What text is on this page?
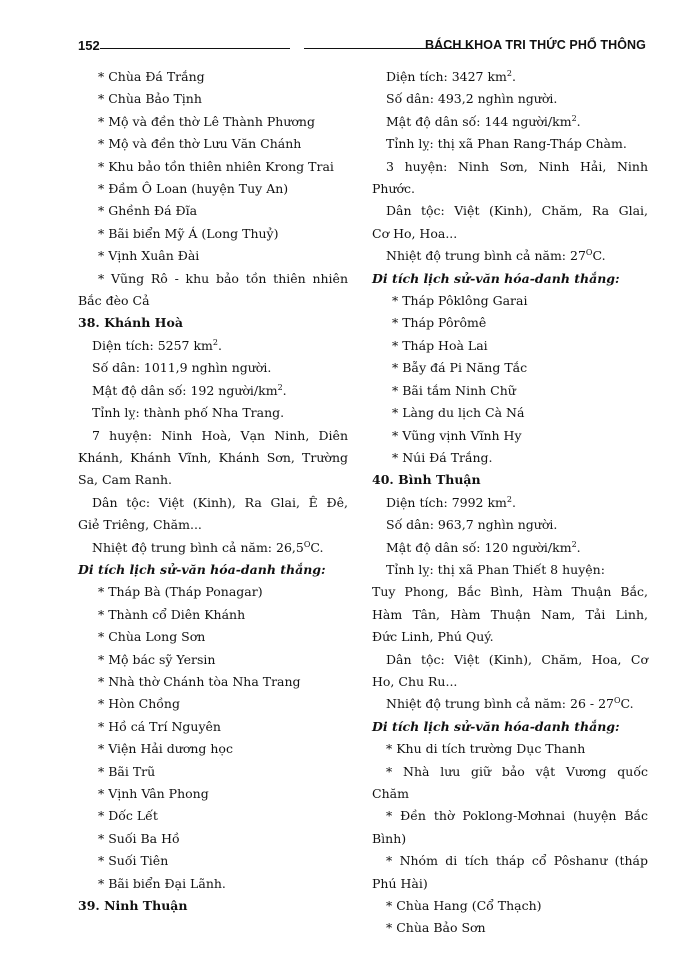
152	BÁCH KHOA TRI THỨC PHỔ THÔNG
* Chùa Đá Trắng
* Chùa Bảo Tịnh
* Mộ và đền thờ Lê Thành Phương
* Mộ và đền thờ Lưu Văn Chánh
* Khu bảo tồn thiên nhiên Krong Trai
* Đầm Ô Loan (huyện Tuy An)
* Ghềnh Đá Đĩa
* Bãi biển Mỹ Á (Long Thuỷ)
* Vịnh Xuân Đài
* Vũng Rô - khu bảo tồn thiên nhiên
Bắc đèo Cả
38. Khánh Hoà
Diện tích: 5257 $km^2$.
Số dân: 1011,9 nghìn người.
Mật độ dân số: 192 người/$km^2$.
Tỉnh lỵ: thành phố Nha Trang.
7 huyện: Ninh Hoà, Vạn Ninh, Diên
Khánh, Khánh Vĩnh, Khánh Sơn, Trường
Sa, Cam Ranh.
Dân tộc: Việt (Kinh), Ra Glai, Ê Đê,
Giẻ Triêng, Chăm...
Nhiệt độ trung bình cả năm: $26,5^OC$.
Di tích lịch sử-văn hóa-danh thắng:
* Tháp Bà (Tháp Ponagar)
* Thành cổ Diên Khánh
* Chùa Long Sơn
* Mộ bác sỹ Yersin
* Nhà thờ Chánh tòa Nha Trang
* Hòn Chồng
* Hồ cá Trí Nguyên
* Viện Hải dương học
* Bãi Trũ
* Vịnh Vân Phong
* Dốc Lết
* Suối Ba Hồ
* Suối Tiên
* Bãi biển Đại Lãnh.
39. Ninh Thuận
Diện tích: 3427 $km^2$.
Số dân: 493,2 nghìn người.
Mật độ dân số: 144 người/$km^2$.
Tỉnh lỵ: thị xã Phan Rang-Tháp Chàm.
3 huyện: Ninh Sơn, Ninh Hải, Ninh
Phước.
Dân tộc: Việt (Kinh), Chăm, Ra Glai,
Cơ Ho, Hoa...
Nhiệt độ trung bình cả năm: $27^OC$.
Di tích lịch sử-văn hóa-danh thắng:
* Tháp Pôklông Garai
* Tháp Pôrômê
* Tháp Hoà Lai
* Bẫy đá Pi Năng Tắc
* Bãi tắm Ninh Chữ
* Làng du lịch Cà Ná
* Vũng vịnh Vĩnh Hy
* Núi Đá Trắng.
40. Bình Thuận
Diện tích: 7992 $km^2$.
Số dân: 963,7 nghìn người.
Mật độ dân số: 120 người/$km^2$.
Tỉnh lỵ: thị xã Phan Thiết 8 huyện:
Tuy Phong, Bắc Bình, Hàm Thuận Bắc,
Hàm Tân, Hàm Thuận Nam, Tải Linh,
Đức Linh, Phú Quý.
Dân tộc: Việt (Kinh), Chăm, Hoa, Cơ
Ho, Chu Ru...
Nhiệt độ trung bình cả năm: $26 - 27^OC$.
Di tích lịch sử-văn hóa-danh thắng:
* Khu di tích trường Dục Thanh
* Nhà lưu giữ bảo vật Vương quốc
Chăm
* Đền thờ Poklong-Mơhnai (huyện Bắc
Bình)
* Nhóm di tích tháp cổ Pôshanư (tháp
Phú Hài)
* Chùa Hang (Cổ Thạch)
* Chùa Bảo Sơn
